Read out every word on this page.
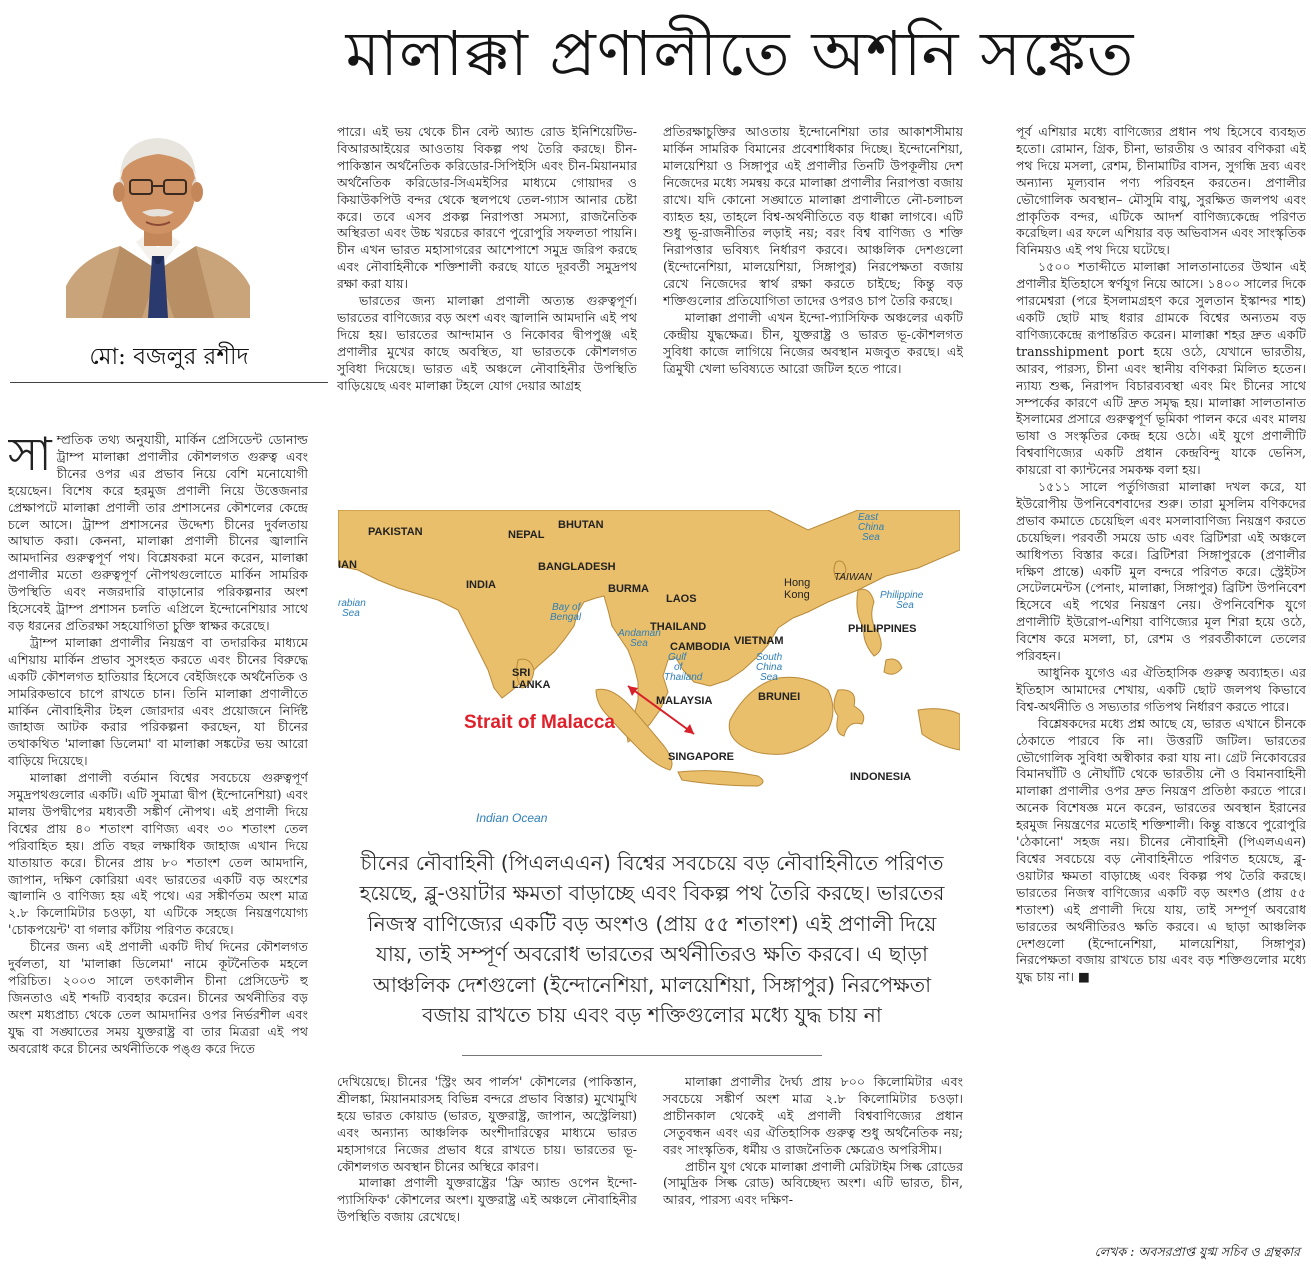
মালাক্কা প্রণালীতে অশনি সঙ্কেত
মো: বজলুর রশীদ

সাম্প্রতিক তথ্য অনুযায়ী, মার্কিন প্রেসিডেন্ট ডোনাল্ড ট্রাম্প মালাক্কা প্রণালীর কৌশলগত গুরুত্ব এবং চীনের ওপর এর প্রভাব নিয়ে বেশি মনোযোগী হয়েছেন। বিশেষ করে হরমুজ প্রণালী নিয়ে উত্তেজনার প্রেক্ষাপটে মালাক্কা প্রণালী তার প্রশাসনের কৌশলের কেন্দ্রে চলে আসে। ট্রাম্প প্রশাসনের উদ্দেশ্য চীনের দুর্বলতায় আঘাত করা। কেননা, মালাক্কা প্রণালী চীনের জ্বালানি আমদানির গুরুত্বপূর্ণ পথ। বিশ্লেষকরা মনে করেন, মালাক্কা প্রণালীর মতো গুরুত্বপূর্ণ নৌপথগুলোতে মার্কিন সামরিক উপস্থিতি এবং নজরদারি বাড়ানোর পরিকল্পনার অংশ হিসেবেই ট্রাম্প প্রশাসন চলতি এপ্রিলে ইন্দোনেশিয়ার সাথে বড় ধরনের প্রতিরক্ষা সহযোগিতা চুক্তি স্বাক্ষর করেছে।

ট্রাম্প মালাক্কা প্রণালীর নিয়ন্ত্রণ বা তদারকির মাধ্যমে এশিয়ায় মার্কিন প্রভাব সুসংহত করতে এবং চীনের বিরুদ্ধে একটি কৌশলগত হাতিয়ার হিসেবে বেইজিংকে অর্থনৈতিক ও সামরিকভাবে চাপে রাখতে চান। তিনি মালাক্কা প্রণালীতে মার্কিন নৌবাহিনীর টহল জোরদার এবং প্রয়োজনে নির্দিষ্ট জাহাজ আটক করার পরিকল্পনা করছেন, যা চীনের তথাকথিত 'মালাক্কা ডিলেমা' বা মালাক্কা সঙ্কটের ভয় আরো বাড়িয়ে দিয়েছে।

মালাক্কা প্রণালী বর্তমান বিশ্বের সবচেয়ে গুরুত্বপূর্ণ সমুদ্রপথগুলোর একটি। এটি সুমাত্রা দ্বীপ (ইন্দোনেশিয়া) এবং মালয় উপদ্বীপের মধ্যবর্তী সঙ্কীর্ণ নৌপথ। এই প্রণালী দিয়ে বিশ্বের প্রায় ৪০ শতাংশ বাণিজ্য এবং ৩০ শতাংশ তেল পরিবাহিত হয়। প্রতি বছর লক্ষাধিক জাহাজ এখান দিয়ে যাতায়াত করে। চীনের প্রায় ৮০ শতাংশ তেল আমদানি, জাপান, দক্ষিণ কোরিয়া এবং ভারতের একটি বড় অংশের জ্বালানি ও বাণিজ্য হয় এই পথে। এর সঙ্কীর্ণতম অংশ মাত্র ২.৮ কিলোমিটার চওড়া, যা এটিকে সহজে নিয়ন্ত্রণযোগ্য 'চোকপয়েন্ট' বা গলার কাঁটায় পরিণত করেছে।

চীনের জন্য এই প্রণালী একটি দীর্ঘ দিনের কৌশলগত দুর্বলতা, যা 'মালাক্কা ডিলেমা' নামে কূটনৈতিক মহলে পরিচিত। ২০০৩ সালে তৎকালীন চীনা প্রেসিডেন্ট হু জিনতাও এই শব্দটি ব্যবহার করেন। চীনের অর্থনীতির বড় অংশ মধ্যপ্রাচ্য থেকে তেল আমদানির ওপর নির্ভরশীল এবং যুদ্ধ বা সঙ্ঘাতের সময় যুক্তরাষ্ট্র বা তার মিত্ররা এই পথ অবরোধ করে চীনের অর্থনীতিকে পঙ্গু করে দিতে

পারে। এই ভয় থেকে চীন বেল্ট অ্যান্ড রোড ইনিশিয়েটিভ-বিআরআইয়ের আওতায় বিকল্প পথ তৈরি করছে। চীন-পাকিস্তান অর্থনৈতিক করিডোর-সিপিইসি এবং চীন-মিয়ানমার অর্থনৈতিক করিডোর-সিএমইসির মাধ্যমে গোয়াদর ও কিয়াউকপিউ বন্দর থেকে স্থলপথে তেল-গ্যাস আনার চেষ্টা করে। তবে এসব প্রকল্প নিরাপত্তা সমস্যা, রাজনৈতিক অস্থিরতা এবং উচ্চ খরচের কারণে পুরোপুরি সফলতা পায়নি। চীন এখন ভারত মহাসাগরের আশেপাশে সমুদ্র জরিপ করছে এবং নৌবাহিনীকে শক্তিশালী করছে যাতে দূরবর্তী সমুদ্রপথ রক্ষা করা যায়।

ভারতের জন্য মালাক্কা প্রণালী অত্যন্ত গুরুত্বপূর্ণ। ভারতের বাণিজ্যের বড় অংশ এবং জ্বালানি আমদানি এই পথ দিয়ে হয়। ভারতের আন্দামান ও নিকোবর দ্বীপপুঞ্জ এই প্রণালীর মুখের কাছে অবস্থিত, যা ভারতকে কৌশলগত সুবিধা দিয়েছে। ভারত এই অঞ্চলে নৌবাহিনীর উপস্থিতি বাড়িয়েছে এবং মালাক্কা টহলে যোগ দেয়ার আগ্রহ

প্রতিরক্ষাচুক্তির আওতায় ইন্দোনেশিয়া তার আকাশসীমায় মার্কিন সামরিক বিমানের প্রবেশাধিকার দিচ্ছে। ইন্দোনেশিয়া, মালয়েশিয়া ও সিঙ্গাপুর এই প্রণালীর তিনটি উপকূলীয় দেশ নিজেদের মধ্যে সমন্বয় করে মালাক্কা প্রণালীর নিরাপত্তা বজায় রাখে। যদি কোনো সঙ্ঘাতে মালাক্কা প্রণালীতে নৌ-চলাচল ব্যাহত হয়, তাহলে বিশ্ব-অর্থনীতিতে বড় ধাক্কা লাগবে। এটি শুধু ভূ-রাজনীতির লড়াই নয়; বরং বিশ্ব বাণিজ্য ও শক্তি নিরাপত্তার ভবিষ্যৎ নির্ধারণ করবে। আঞ্চলিক দেশগুলো (ইন্দোনেশিয়া, মালয়েশিয়া, সিঙ্গাপুর) নিরপেক্ষতা বজায় রেখে নিজেদের স্বার্থ রক্ষা করতে চাইছে; কিন্তু বড় শক্তিগুলোর প্রতিযোগিতা তাদের ওপরও চাপ তৈরি করছে।

মালাক্কা প্রণালী এখন ইন্দো-প্যাসিফিক অঞ্চলের একটি কেন্দ্রীয় যুদ্ধক্ষেত্র। চীন, যুক্তরাষ্ট্র ও ভারত ভূ-কৌশলগত সুবিধা কাজে লাগিয়ে নিজের অবস্থান মজবুত করছে। এই ত্রিমুখী খেলা ভবিষ্যতে আরো জটিল হতে পারে।

পূর্ব এশিয়ার মধ্যে বাণিজ্যের প্রধান পথ হিসেবে ব্যবহৃত হতো। রোমান, গ্রিক, চীনা, ভারতীয় ও আরব বণিকরা এই পথ দিয়ে মসলা, রেশম, চীনামাটির বাসন, সুগন্ধি দ্রব্য এবং অন্যান্য মূল্যবান পণ্য পরিবহন করতেন। প্রণালীর ভৌগোলিক অবস্থান– মৌসুমি বায়ু, সুরক্ষিত জলপথ এবং প্রাকৃতিক বন্দর, এটিকে আদর্শ বাণিজ্যকেন্দ্রে পরিণত করেছিল। এর ফলে এশিয়ার বড় অভিবাসন এবং সাংস্কৃতিক বিনিময়ও এই পথ দিয়ে ঘটেছে।

১৫০০ শতাব্দীতে মালাক্কা সালতানাতের উত্থান এই প্রণালীর ইতিহাসে স্বর্ণযুগ নিয়ে আসে। ১৪০০ সালের দিকে পারমেশ্বরা (পরে ইসলামগ্রহণ করে সুলতান ইস্কান্দর শাহ) একটি ছোট মাছ ধরার গ্রামকে বিশ্বের অন্যতম বড় বাণিজ্যকেন্দ্রে রূপান্তরিত করেন। মালাক্কা শহর দ্রুত একটি transshipment port হয়ে ওঠে, যেখানে ভারতীয়, আরব, পারস্য, চীনা এবং স্থানীয় বণিকরা মিলিত হতেন। ন্যায্য শুল্ক, নিরাপদ বিচারব্যবস্থা এবং মিং চীনের সাথে সম্পর্কের কারণে এটি দ্রুত সমৃদ্ধ হয়। মালাক্কা সালতানাত ইসলামের প্রসারে গুরুত্বপূর্ণ ভূমিকা পালন করে এবং মালয় ভাষা ও সংস্কৃতির কেন্দ্র হয়ে ওঠে। এই যুগে প্রণালীটি বিশ্ববাণিজ্যের একটি প্রধান কেন্দ্রবিন্দু যাকে ভেনিস, কায়রো বা ক্যান্টনের সমকক্ষ বলা হয়।

১৫১১ সালে পর্তুগিজরা মালাক্কা দখল করে, যা ইউরোপীয় উপনিবেশবাদের শুরু। তারা মুসলিম বণিকদের প্রভাব কমাতে চেয়েছিল এবং মসলাবাণিজ্য নিয়ন্ত্রণ করতে চেয়েছিল। পরবর্তী সময়ে ডাচ এবং ব্রিটিশরা এই অঞ্চলে আধিপত্য বিস্তার করে। ব্রিটিশরা সিঙ্গাপুরকে (প্রণালীর দক্ষিণ প্রান্তে) একটি মুল বন্দরে পরিণত করে। স্ট্রেইটস সেটেলমেন্টস (পেনাং, মালাক্কা, সিঙ্গাপুর) ব্রিটিশ উপনিবেশ হিসেবে এই পথের নিয়ন্ত্রণ নেয়। ঔপনিবেশিক যুগে প্রণালীটি ইউরোপ-এশিয়া বাণিজ্যের মূল শিরা হয়ে ওঠে, বিশেষ করে মসলা, চা, রেশম ও পরবর্তীকালে তেলের পরিবহন।

আধুনিক যুগেও এর ঐতিহাসিক গুরুত্ব অব্যাহত। এর ইতিহাস আমাদের শেখায়, একটি ছোট জলপথ কিভাবে বিশ্ব-অর্থনীতি ও সভ্যতার গতিপথ নির্ধারণ করতে পারে।

বিশ্লেষকদের মধ্যে প্রশ্ন আছে যে, ভারত এখানে চীনকে ঠেকাতে পারবে কি না। উত্তরটি জটিল। ভারতের ভৌগোলিক সুবিধা অস্বীকার করা যায় না। গ্রেট নিকোবরের বিমানঘাঁটি ও নৌঘাঁটি থেকে ভারতীয় নৌ ও বিমানবাহিনী মালাক্কা প্রণালীর ওপর দ্রুত নিয়ন্ত্রণ প্রতিষ্ঠা করতে পারে। অনেক বিশেষজ্ঞ মনে করেন, ভারতের অবস্থান ইরানের হরমুজ নিয়ন্ত্রণের মতোই শক্তিশালী। কিন্তু বাস্তবে পুরোপুরি 'ঠেকানো' সহজ নয়। চীনের নৌবাহিনী (পিএলএএন) বিশ্বের সবচেয়ে বড় নৌবাহিনীতে পরিণত হয়েছে, ব্লু-ওয়াটার ক্ষমতা বাড়াচ্ছে এবং বিকল্প পথ তৈরি করছে। ভারতের নিজস্ব বাণিজ্যের একটি বড় অংশও (প্রায় ৫৫ শতাংশ) এই প্রণালী দিয়ে যায়, তাই সম্পূর্ণ অবরোধ ভারতের অর্থনীতিরও ক্ষতি করবে। এ ছাড়া আঞ্চলিক দেশগুলো (ইন্দোনেশিয়া, মালয়েশিয়া, সিঙ্গাপুর) নিরপেক্ষতা বজায় রাখতে চায় এবং বড় শক্তিগুলোর মধ্যে যুদ্ধ চায় না। ■

PAKISTAN	NEPAL
BHUTAN
IAN
INDIA
BANGLADESH
BURMA
LAOS
THAILAND
CAMBODIA VIETNAM
PHILIPPINES
MALAYSIA	BRUNEI
SINGAPORE
INDONESIA
SRI
LANKA
TAIWAN
Hong
Kong
East
China
Sea
Philippine
Sea
rabian
Sea
Bay of
Bengal
Andaman
Sea
Gulf
of
Thailand
South
China
Sea
Indian Ocean
Strait of Malacca
চীনের নৌবাহিনী (পিএলএএন) বিশ্বের সবচেয়ে বড় নৌবাহিনীতে পরিণত হয়েছে, ব্লু-ওয়াটার ক্ষমতা বাড়াচ্ছে এবং বিকল্প পথ তৈরি করছে। ভারতের নিজস্ব বাণিজ্যের একটি বড় অংশও (প্রায় ৫৫ শতাংশ) এই প্রণালী দিয়ে যায়, তাই সম্পূর্ণ অবরোধ ভারতের অর্থনীতিরও ক্ষতি করবে। এ ছাড়া আঞ্চলিক দেশগুলো (ইন্দোনেশিয়া, মালয়েশিয়া, সিঙ্গাপুর) নিরপেক্ষতা বজায় রাখতে চায় এবং বড় শক্তিগুলোর মধ্যে যুদ্ধ চায় না

দেখিয়েছে। চীনের 'স্ট্রিং অব পার্লস' কৌশলের (পাকিস্তান, শ্রীলঙ্কা, মিয়ানমারসহ বিভিন্ন বন্দরে প্রভাব বিস্তার) মুখোমুখি হয়ে ভারত কোয়াড (ভারত, যুক্তরাষ্ট্র, জাপান, অস্ট্রেলিয়া) এবং অন্যান্য আঞ্চলিক অংশীদারিত্বের মাধ্যমে ভারত মহাসাগরে নিজের প্রভাব ধরে রাখতে চায়। ভারতের ভূ-কৌশলগত অবস্থান চীনের অস্থিরে কারণ।

মালাক্কা প্রণালী যুক্তরাষ্ট্রের 'ফ্রি অ্যান্ড ওপেন ইন্দো-প্যাসিফিক' কৌশলের অংশ। যুক্তরাষ্ট্র এই অঞ্চলে নৌবাহিনীর উপস্থিতি বজায় রেখেছে।

মালাক্কা প্রণালীর দৈর্ঘ্য প্রায় ৮০০ কিলোমিটার এবং সবচেয়ে সঙ্কীর্ণ অংশ মাত্র ২.৮ কিলোমিটার চওড়া। প্রাচীনকাল থেকেই এই প্রণালী বিশ্ববাণিজ্যের প্রধান সেতুবন্ধন এবং এর ঐতিহাসিক গুরুত্ব শুধু অর্থনৈতিক নয়; বরং সাংস্কৃতিক, ধর্মীয় ও রাজনৈতিক ক্ষেত্রেও অপরিসীম।

প্রাচীন যুগ থেকে মালাক্কা প্রণালী মেরিটাইম সিল্ক রোডের (সামুদ্রিক সিল্ক রোড) অবিচ্ছেদ্য অংশ। এটি ভারত, চীন, আরব, পারস্য এবং দক্ষিণ-

লেখক : অবসরপ্রাপ্ত যুগ্ম সচিব ও গ্রন্থকার
